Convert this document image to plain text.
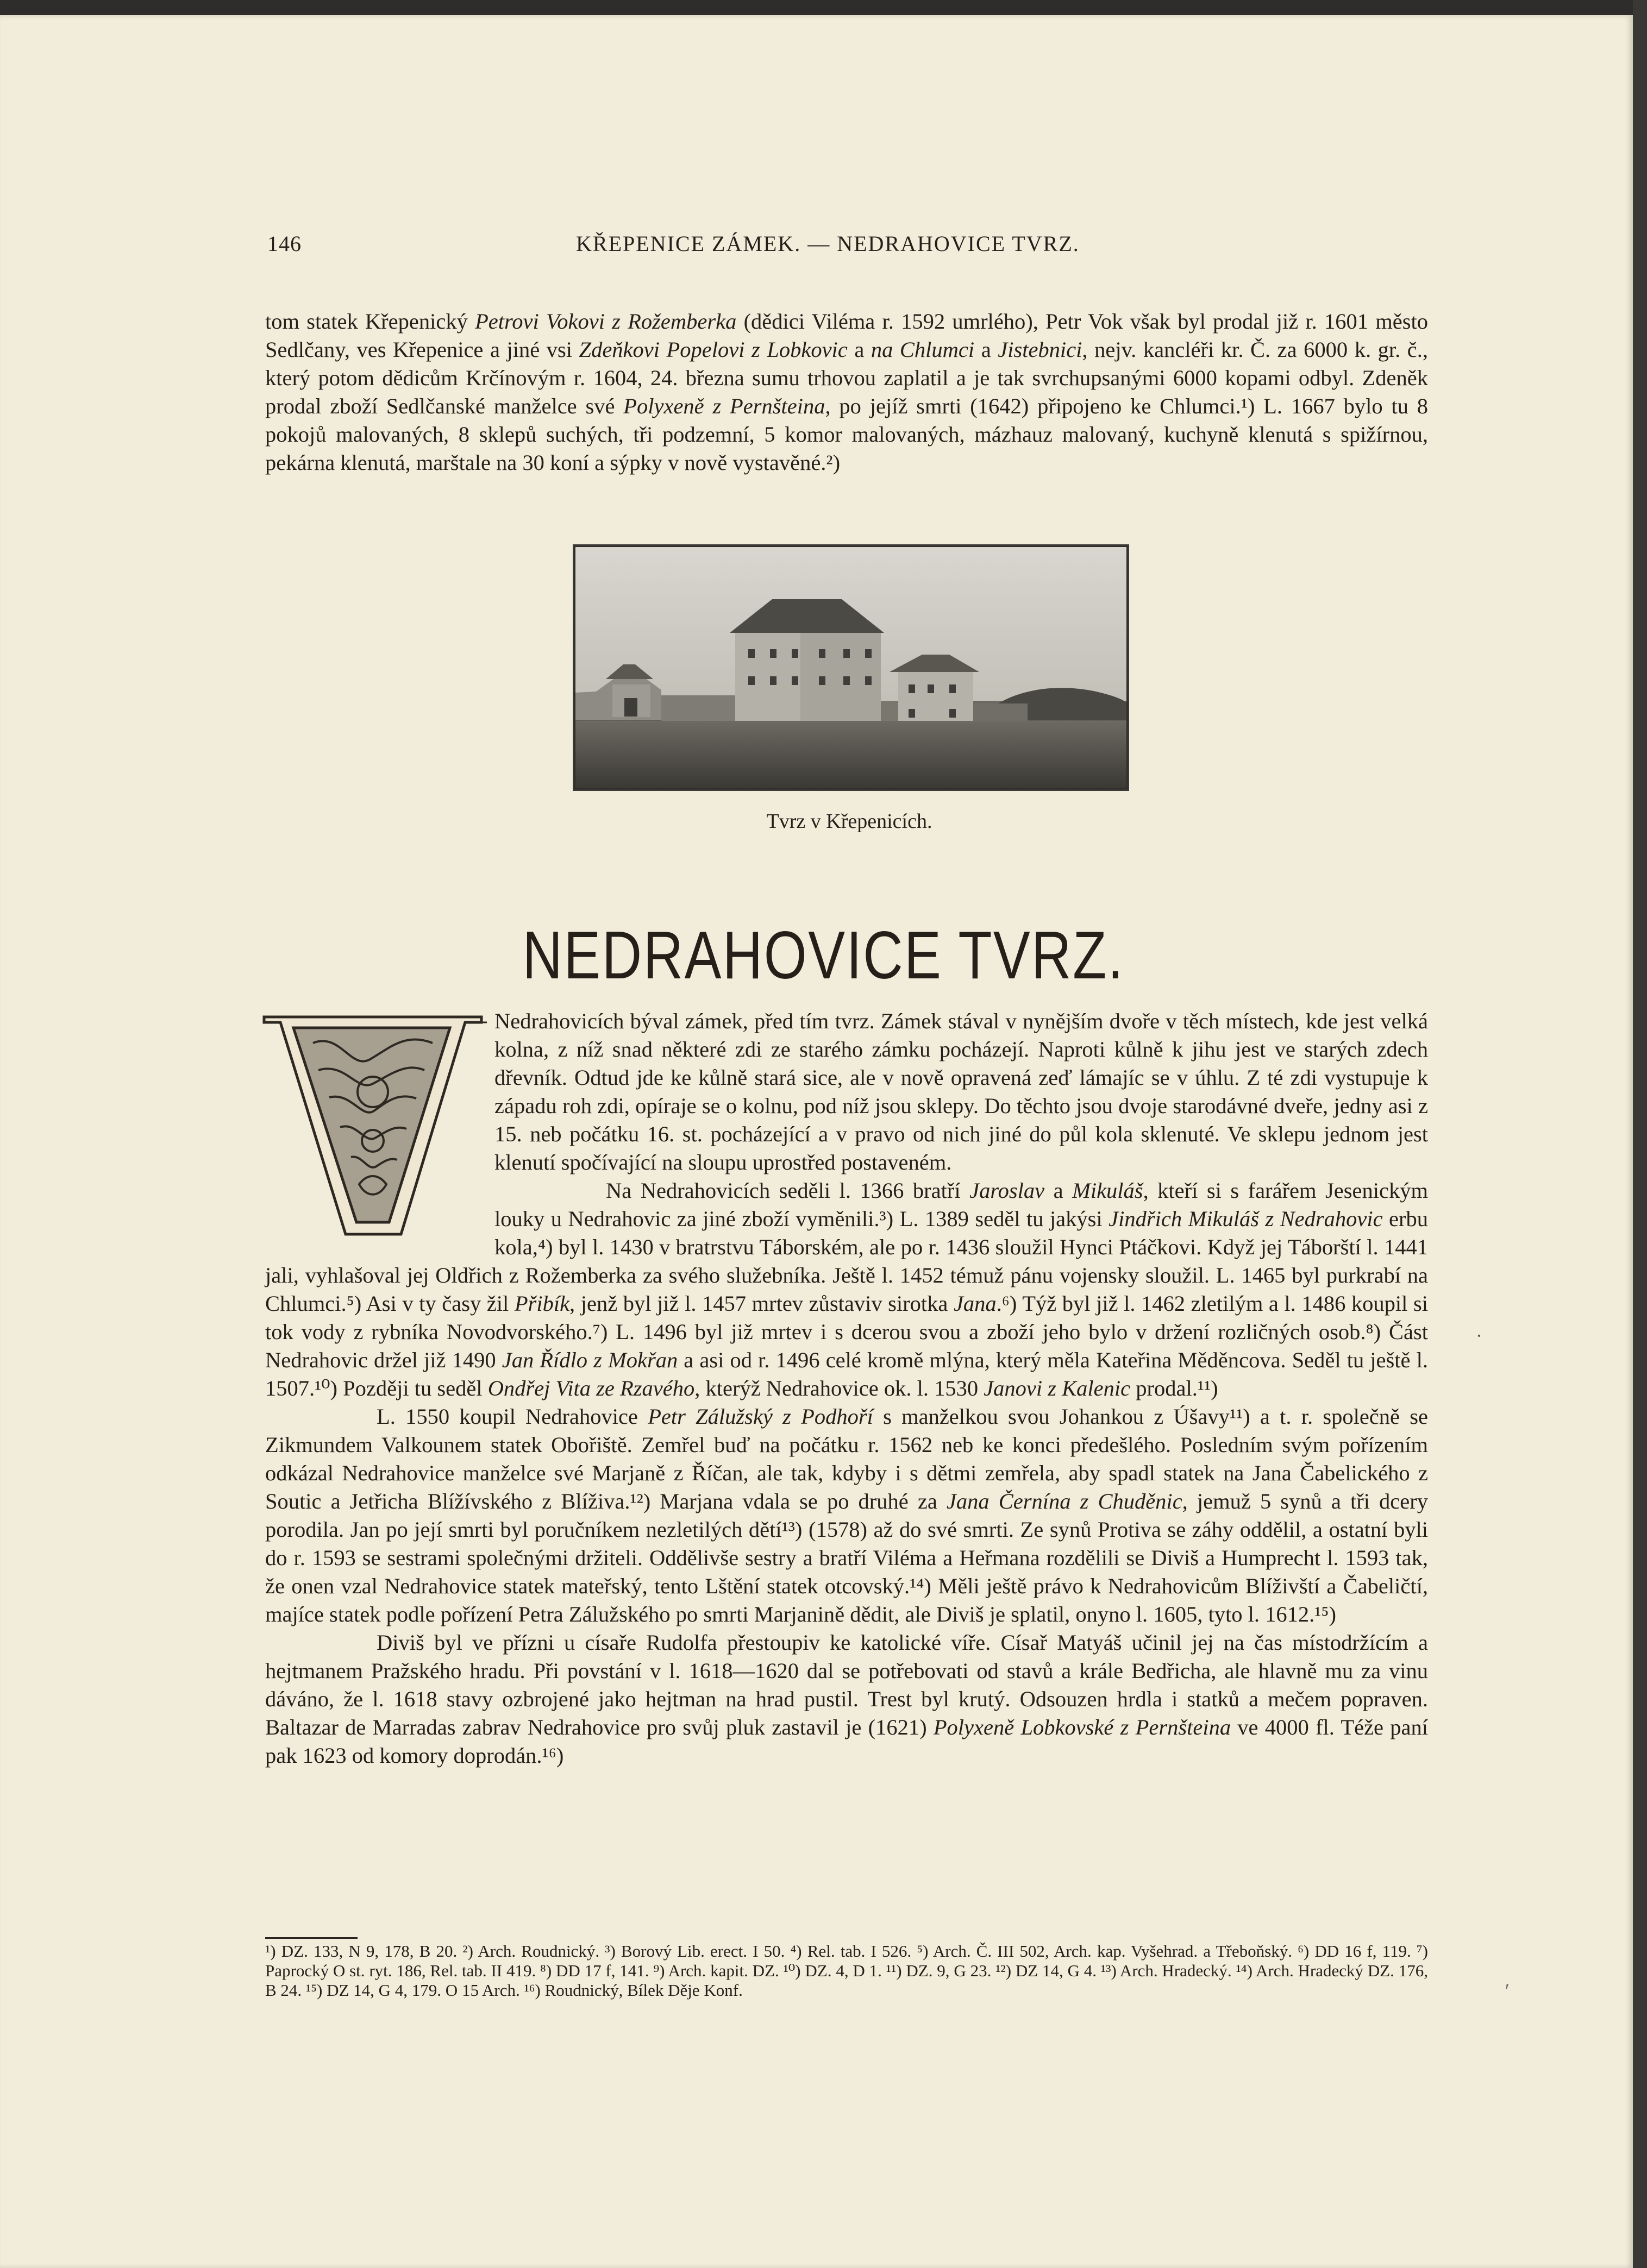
146	KŘEPENICE ZÁMEK. — NEDRAHOVICE TVRZ.

tom statek Křepenický Petrovi Vokovi z Rožemberka (dědici Viléma r. 1592 umrlého), Petr Vok však byl prodal již r. 1601 město Sedlčany, ves Křepenice a jiné vsi Zdeňkovi Popelovi z Lobkovic a na Chlumci a Jistebnici, nejv. kancléři kr. Č. za 6000 k. gr. č., který potom dědicům Krčínovým r. 1604, 24. března sumu trhovou zaplatil a je tak svrchupsanými 6000 kopami odbyl. Zdeněk prodal zboží Sedlčanské manželce své Polyxeně z Pernšteina, po jejíž smrti (1642) připojeno ke Chlumci.¹) L. 1667 bylo tu 8 pokojů malovaných, 8 sklepů suchých, tři podzemní, 5 komor malovaných, mázhauz malovaný, kuchyně klenutá s spižírnou, pekárna klenutá, marštale na 30 koní a sýpky v nově vystavěné.²)

Tvrz v Křepenicích.
NEDRAHOVICE TVRZ.

Nedrahovicích býval zámek, před tím tvrz. Zámek stával v nynějším dvoře v těch místech, kde jest velká kolna, z níž snad některé zdi ze starého zámku pocházejí. Naproti kůlně k jihu jest ve starých zdech dřevník. Odtud jde ke kůlně stará sice, ale v nově opravená zeď lámajíc se v úhlu. Z té zdi vystupuje k západu roh zdi, opíraje se o kolnu, pod níž jsou sklepy. Do těchto jsou dvoje starodávné dveře, jedny asi z 15. neb počátku 16. st. pocházející a v pravo od nich jiné do půl kola sklenuté. Ve sklepu jednom jest klenutí spočívající na sloupu uprostřed postaveném.

Na Nedrahovicích seděli l. 1366 bratří Jaroslav a Mikuláš, kteří si s farářem Jesenickým louky u Nedrahovic za jiné zboží vyměnili.³) L. 1389 seděl tu jakýsi Jindřich Mikuláš z Nedrahovic erbu kola,⁴) byl l. 1430 v bratrstvu Táborském, ale po r. 1436 sloužil Hynci Ptáčkovi. Když jej Táborští l. 1441 jali, vyhlašoval jej Oldřich z Rožemberka za svého služebníka. Ještě l. 1452 témuž pánu vojensky sloužil. L. 1465 byl purkrabí na Chlumci.⁵) Asi v ty časy žil Přibík, jenž byl již l. 1457 mrtev zůstaviv sirotka Jana.⁶) Týž byl již l. 1462 zletilým a l. 1486 koupil si tok vody z rybníka Novodvorského.⁷) L. 1496 byl již mrtev i s dcerou svou a zboží jeho bylo v držení rozličných osob.⁸) Část Nedrahovic držel již 1490 Jan Řídlo z Mokřan a asi od r. 1496 celé kromě mlýna, který měla Kateřina Měděncova. Seděl tu ještě l. 1507.¹⁰) Později tu seděl Ondřej Vita ze Rzavého, kterýž Nedrahovice ok. l. 1530 Janovi z Kalenic prodal.¹¹)

L. 1550 koupil Nedrahovice Petr Zálužský z Podhoří s manželkou svou Johankou z Úšavy¹¹) a t. r. společně se Zikmundem Valkounem statek Obořiště. Zemřel buď na počátku r. 1562 neb ke konci předešlého. Posledním svým pořízením odkázal Nedrahovice manželce své Marjaně z Říčan, ale tak, kdyby i s dětmi zemřela, aby spadl statek na Jana Čabelického z Soutic a Jetřicha Blížívského z Blíživa.¹²) Marjana vdala se po druhé za Jana Černína z Chuděnic, jemuž 5 synů a tři dcery porodila. Jan po její smrti byl poručníkem nezletilých dětí¹³) (1578) až do své smrti. Ze synů Protiva se záhy oddělil, a ostatní byli do r. 1593 se sestrami společnými držiteli. Oddělivše sestry a bratří Viléma a Heřmana rozdělili se Diviš a Humprecht l. 1593 tak, že onen vzal Nedrahovice statek mateřský, tento Lštění statek otcovský.¹⁴) Měli ještě právo k Nedrahovicům Blíživští a Čabeličtí, majíce statek podle pořízení Petra Zálužského po smrti Marjanině dědit, ale Diviš je splatil, onyno l. 1605, tyto l. 1612.¹⁵)

Diviš byl ve přízni u císaře Rudolfa přestoupiv ke katolické víře. Císař Matyáš učinil jej na čas místodržícím a hejtmanem Pražského hradu. Při povstání v l. 1618—1620 dal se potřebovati od stavů a krále Bedřicha, ale hlavně mu za vinu dáváno, že l. 1618 stavy ozbrojené jako hejtman na hrad pustil. Trest byl krutý. Odsouzen hrdla i statků a mečem popraven. Baltazar de Marradas zabrav Nedrahovice pro svůj pluk zastavil je (1621) Polyxeně Lobkovské z Pernšteina ve 4000 fl. Téže paní pak 1623 od komory doprodán.¹⁶)

¹) DZ. 133, N 9, 178, B 20. ²) Arch. Roudnický. ³) Borový Lib. erect. I 50. ⁴) Rel. tab. I 526. ⁵) Arch. Č. III 502, Arch. kap. Vyšehrad. a Třeboňský. ⁶) DD 16 f, 119. ⁷) Paprocký O st. ryt. 186, Rel. tab. II 419. ⁸) DD 17 f, 141. ⁹) Arch. kapit. DZ. ¹⁰) DZ. 4, D 1. ¹¹) DZ. 9, G 23. ¹²) DZ 14, G 4. ¹³) Arch. Hradecký. ¹⁴) Arch. Hradecký DZ. 176, B 24. ¹⁵) DZ 14, G 4, 179. O 15 Arch. ¹⁶) Roudnický, Bílek Děje Konf.
·
′
